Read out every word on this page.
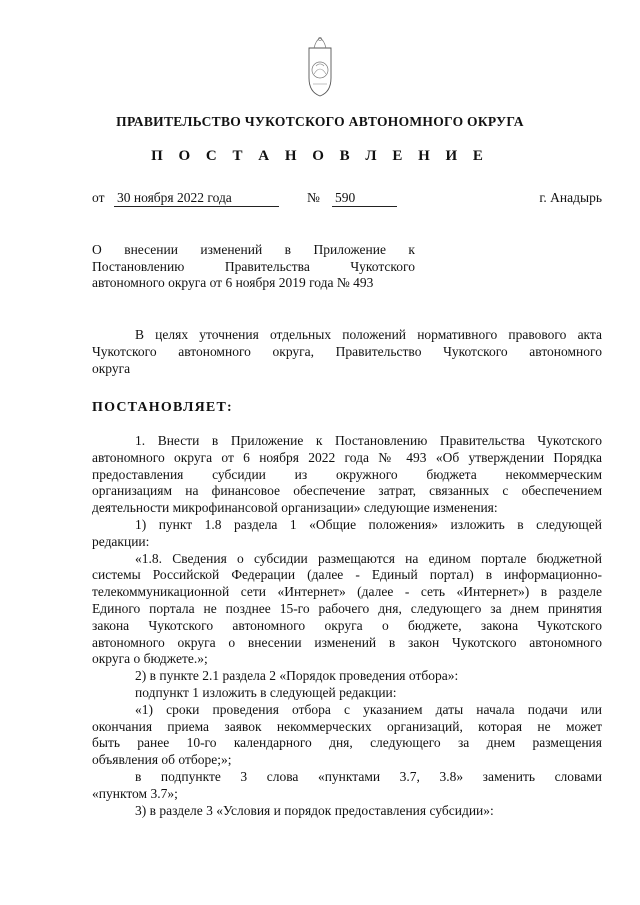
ПРАВИТЕЛЬСТВО ЧУКОТСКОГО АВТОНОМНОГО ОКРУГА
П О С Т А Н О В Л Е Н И Е
от 30 ноября 2022 года	№ 590	г. Анадырь
О внесении изменений в Приложение к
Постановлению Правительства Чукотского
автономного округа от 6 ноября 2019 года № 493
В целях уточнения отдельных положений нормативного правового акта
Чукотского автономного округа, Правительство Чукотского автономного
округа
ПОСТАНОВЛЯЕТ:
1. Внести в Приложение к Постановлению Правительства Чукотского
автономного округа от 6 ноября 2022 года № 493 «Об утверждении Порядка
предоставления субсидии из окружного бюджета некоммерческим
организациям на финансовое обеспечение затрат, связанных с обеспечением
деятельности микрофинансовой организации» следующие изменения:
1) пункт 1.8 раздела 1 «Общие положения» изложить в следующей
редакции:
«1.8. Сведения о субсидии размещаются на едином портале бюджетной
системы Российской Федерации (далее - Единый портал) в информационно-
телекоммуникационной сети «Интернет» (далее - сеть «Интернет») в разделе
Единого портала не позднее 15-го рабочего дня, следующего за днем принятия
закона Чукотского автономного округа о бюджете, закона Чукотского
автономного округа о внесении изменений в закон Чукотского автономного
округа о бюджете.»;
2) в пункте 2.1 раздела 2 «Порядок проведения отбора»:
подпункт 1 изложить в следующей редакции:
«1) сроки проведения отбора с указанием даты начала подачи или
окончания приема заявок некоммерческих организаций, которая не может
быть ранее 10-го календарного дня, следующего за днем размещения
объявления об отборе;»;
в подпункте 3 слова «пунктами 3.7, 3.8» заменить словами
«пунктом 3.7»;
3) в разделе 3 «Условия и порядок предоставления субсидии»:
